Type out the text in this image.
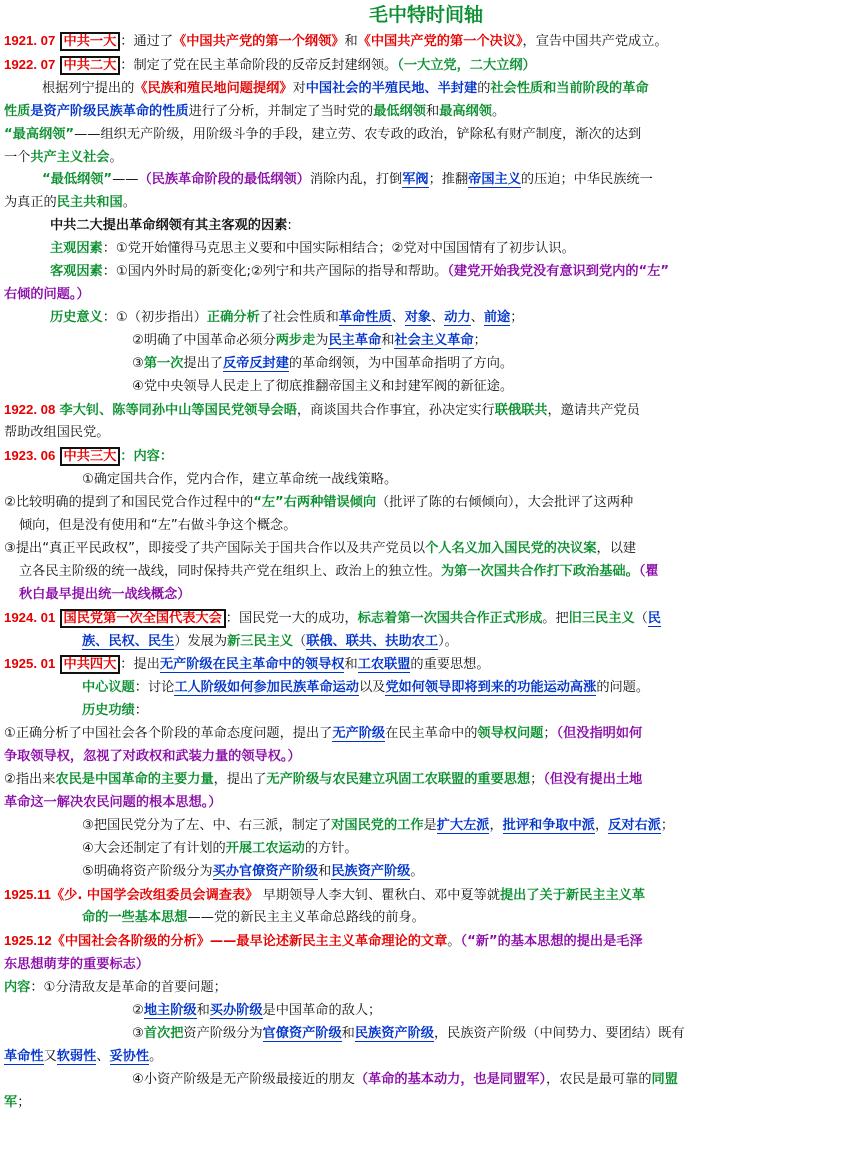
毛中特时间轴
1921. 07 中共一大 ：通过了《中国共产党的第一个纲领》和《中国共产党的第一个决议》，宣告中国共产党成立。
1922. 07 中共二大 ：制定了党在民主革命阶段的反帝反封建纲领。（一大立党，二大立纲）
根据列宁提出的《民族和殖民地问题提纲》对中国社会的半殖民地、半封建的社会性质和当前阶段的革命
性质是资产阶级民族革命的性质进行了分析，并制定了当时党的最低纲领和最高纲领。
“最高纲领”——组织无产阶级，用阶级斗争的手段，建立劳、农专政的政治，铲除私有财产制度，渐次的达到
一个共产主义社会。
“最低纲领”——（民族革命阶段的最低纲领）消除内乱，打倒军阀；推翻帝国主义的压迫；中华民族统一
为真正的民主共和国。
中共二大提出革命纲领有其主客观的因素:
主观因素：①党开始懂得马克思主义要和中国实际相结合；②党对中国国情有了初步认识。
客观因素：①国内外时局的新变化;②列宁和共产国际的指导和帮助。（建党开始我党没有意识到党内的“左”
右倾的问题。）
历史意义：①（初步指出）正确分析了社会性质和革命性质、对象、动力、前途；
②明确了中国革命必须分两步走为民主革命和社会主义革命；
③第一次提出了反帝反封建的革命纲领，为中国革命指明了方向。
④党中央领导人民走上了彻底推翻帝国主义和封建军阀的新征途。
1922. 08 李大钊、陈等同孙中山等国民党领导会晤，商谈国共合作事宜，孙决定实行联俄联共，邀请共产党员
帮助改组国民党。
1923. 06 中共三大 ：内容：
①确定国共合作，党内合作，建立革命统一战线策略。
②比较明确的提到了和国民党合作过程中的“左”右两种错误倾向（批评了陈的右倾倾向），大会批评了这两种
倾向，但是没有使用和“左”右做斗争这个概念。
③提出“真正平民政权”，即接受了共产国际关于国共合作以及共产党员以个人名义加入国民党的决议案，以建
立各民主阶级的统一战线，同时保持共产党在组织上、政治上的独立性。为第一次国共合作打下政治基础。（瞿
秋白最早提出统一战线概念）
1924. 01 国民党第一次全国代表大会 ：国民党一大的成功，标志着第一次国共合作正式形成。把旧三民主义（民
族、民权、民生）发展为新三民主义（联俄、联共、扶助农工）。
1925. 01 中共四大 ：提出无产阶级在民主革命中的领导权和工农联盟的重要思想。
中心议题：讨论工人阶级如何参加民族革命运动以及党如何领导即将到来的功能运动高涨的问题。
历史功绩：
①正确分析了中国社会各个阶段的革命态度问题，提出了无产阶级在民主革命中的领导权问题；（但没指明如何
争取领导权，忽视了对政权和武装力量的领导权。）
②指出来农民是中国革命的主要力量，提出了无产阶级与农民建立巩固工农联盟的重要思想；（但没有提出土地
革命这一解决农民问题的根本思想。）
③把国民党分为了左、中、右三派，制定了对国民党的工作是扩大左派，批评和争取中派，反对右派；
④大会还制定了有计划的开展工农运动的方针。
⑤明确将资产阶级分为买办官僚资产阶级和民族资产阶级。
1925.11《少. 中国学会改组委员会调查表》 早期领导人李大钊、瞿秋白、邓中夏等就提出了关于新民主主义革
命的一些基本思想——党的新民主主义革命总路线的前身。
1925.12《中国社会各阶级的分析》——最早论述新民主主义革命理论的文章。（“新”的基本思想的提出是毛泽
东思想萌芽的重要标志）
内容：①分清敌友是革命的首要问题；
②地主阶级和买办阶级是中国革命的敌人；
③首次把资产阶级分为官僚资产阶级和民族资产阶级，民族资产阶级（中间势力、要团结）既有
革命性又软弱性、妥协性。
④小资产阶级是无产阶级最接近的朋友（革命的基本动力，也是同盟军），农民是最可靠的同盟
军；
